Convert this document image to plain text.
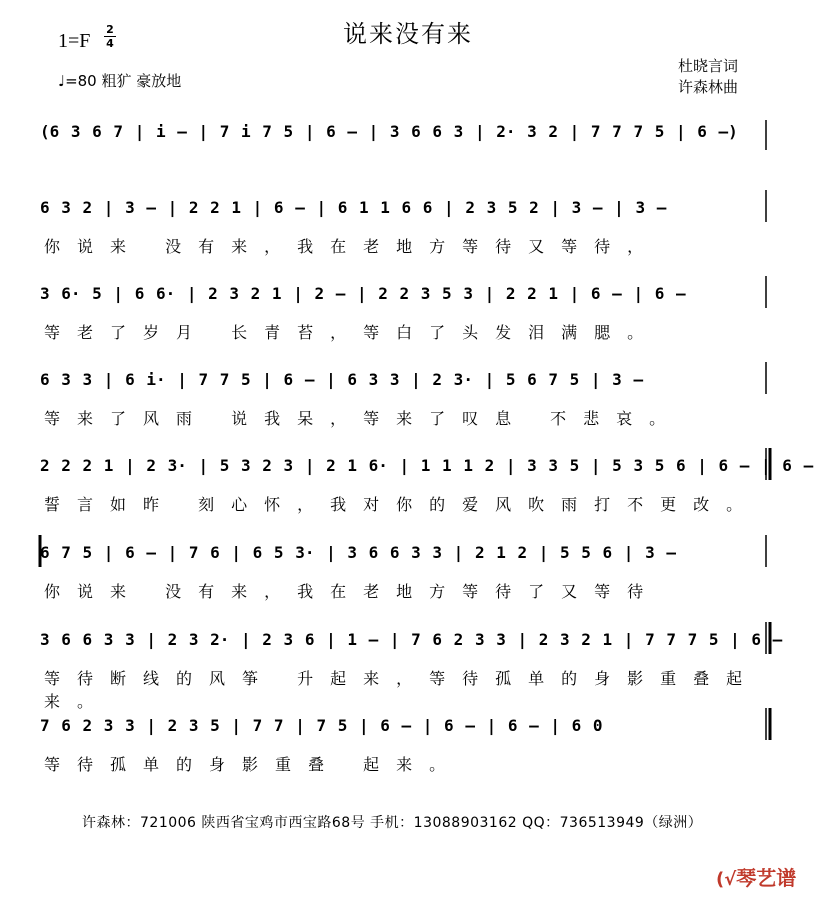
说来没有来
1=F
2
4
♩=80 粗犷 豪放地
杜晓言词
许森林曲
(6 3 6 7 | i – | 7 i 7 5 | 6 – | 3 6 6 3 | 2· 3 2 | 7 7 7 5 | 6 –)
6 3 2 | 3 – | 2 2 1 | 6 – | 6 1 1 6 6 | 2 3 5 2 | 3 – | 3 –
你说来 没有来，我在老地方等待又等待，
3 6· 5 | 6 6· | 2 3 2 1 | 2 – | 2 2 3 5 3 | 2 2 1 | 6 – | 6 –
等老了岁月 长青苔，等白了头发泪满腮。
6 3 3 | 6 i· | 7 7 5 | 6 – | 6 3 3 | 2 3· | 5 6 7 5 | 3 –
等来了风雨 说我呆，等来了叹息 不悲哀。
2 2 2 1 | 2 3· | 5 3 2 3 | 2 1 6· | 1 1 1 2 | 3 3 5 | 5 3 5 6 | 6 – | 6 –
誓言如昨 刻心怀，我对你的爱风吹雨打不更改。
6 7 5 | 6 – | 7 6 | 6 5 3· | 3 6 6 3 3 | 2 1 2 | 5 5 6 | 3 –
你说来 没有来，我在老地方等待了又等待
3 6 6 3 3 | 2 3 2· | 2 3 6 | 1 – | 7 6 2 3 3 | 2 3 2 1 | 7 7 7 5 | 6 –
等待断线的风筝 升起来，等待孤单的身影重叠起来。
7 6 2 3 3 | 2 3 5 | 7 7 | 7 5 | 6 – | 6 – | 6 – | 6 0
等待孤单的身影重叠 起来。
许森林：721006 陕西省宝鸡市西宝路68号 手机：13088903162 QQ：736513949（绿洲）
(√琴艺谱
